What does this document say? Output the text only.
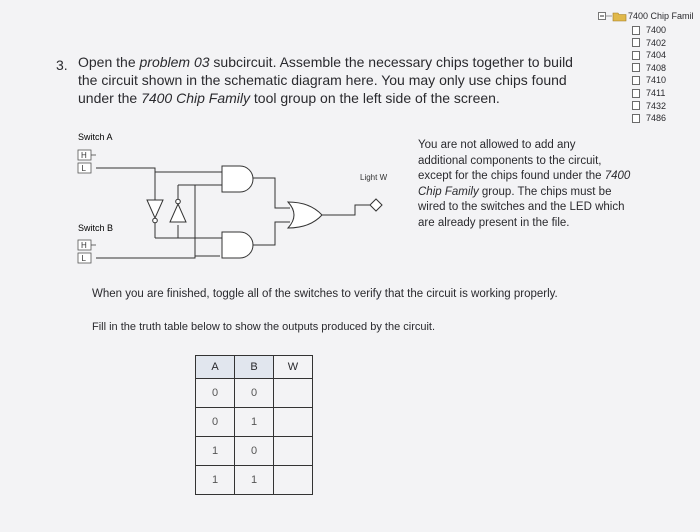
3. Open the problem 03 subcircuit. Assemble the necessary chips together to build
the circuit shown in the schematic diagram here. You may only use chips found
under the 7400 Chip Family tool group on the left side of the screen.
7400 Chip Famil
7400
7402
7404
7408
7410
7411
7432
7486
Switch A
H
L
Switch B
H
L
Light W
You are not allowed to add any
additional components to the circuit,
except for the chips found under the 7400
Chip Family group. The chips must be
wired to the switches and the LED which
are already present in the file.
When you are finished, toggle all of the switches to verify that the circuit is working properly.
Fill in the truth table below to show the outputs produced by the circuit.
A	B	W
0	0	
0	1	
1	0	
1	1	
